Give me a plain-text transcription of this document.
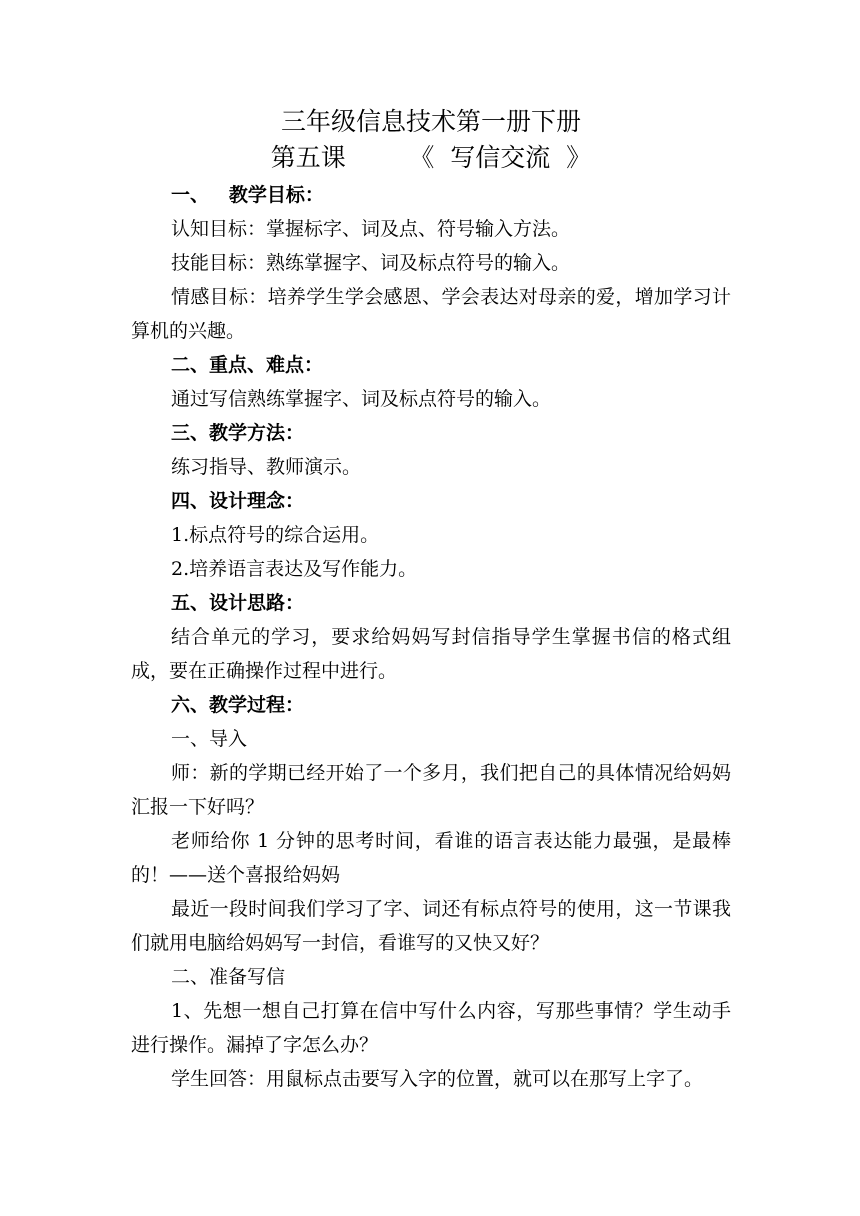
三年级信息技术第一册下册
第五课	《  写信交流  》

一、   教学目标：

认知目标：掌握标字、词及点、符号输入方法。

技能目标：熟练掌握字、词及标点符号的输入。

情感目标：培养学生学会感恩、学会表达对母亲的爱，增加学习计算机的兴趣。

二、重点、难点：

通过写信熟练掌握字、词及标点符号的输入。

三、教学方法：

练习指导、教师演示。

四、设计理念：

1.标点符号的综合运用。

2.培养语言表达及写作能力。

五、设计思路：

结合单元的学习，要求给妈妈写封信指导学生掌握书信的格式组成，要在正确操作过程中进行。

六、教学过程：

一、导入

师：新的学期已经开始了一个多月，我们把自己的具体情况给妈妈汇报一下好吗？

老师给你 1 分钟的思考时间，看谁的语言表达能力最强，是最棒的！——送个喜报给妈妈

最近一段时间我们学习了字、词还有标点符号的使用，这一节课我们就用电脑给妈妈写一封信，看谁写的又快又好？

二、准备写信

1、先想一想自己打算在信中写什么内容，写那些事情？学生动手进行操作。漏掉了字怎么办？

学生回答：用鼠标点击要写入字的位置，就可以在那写上字了。
